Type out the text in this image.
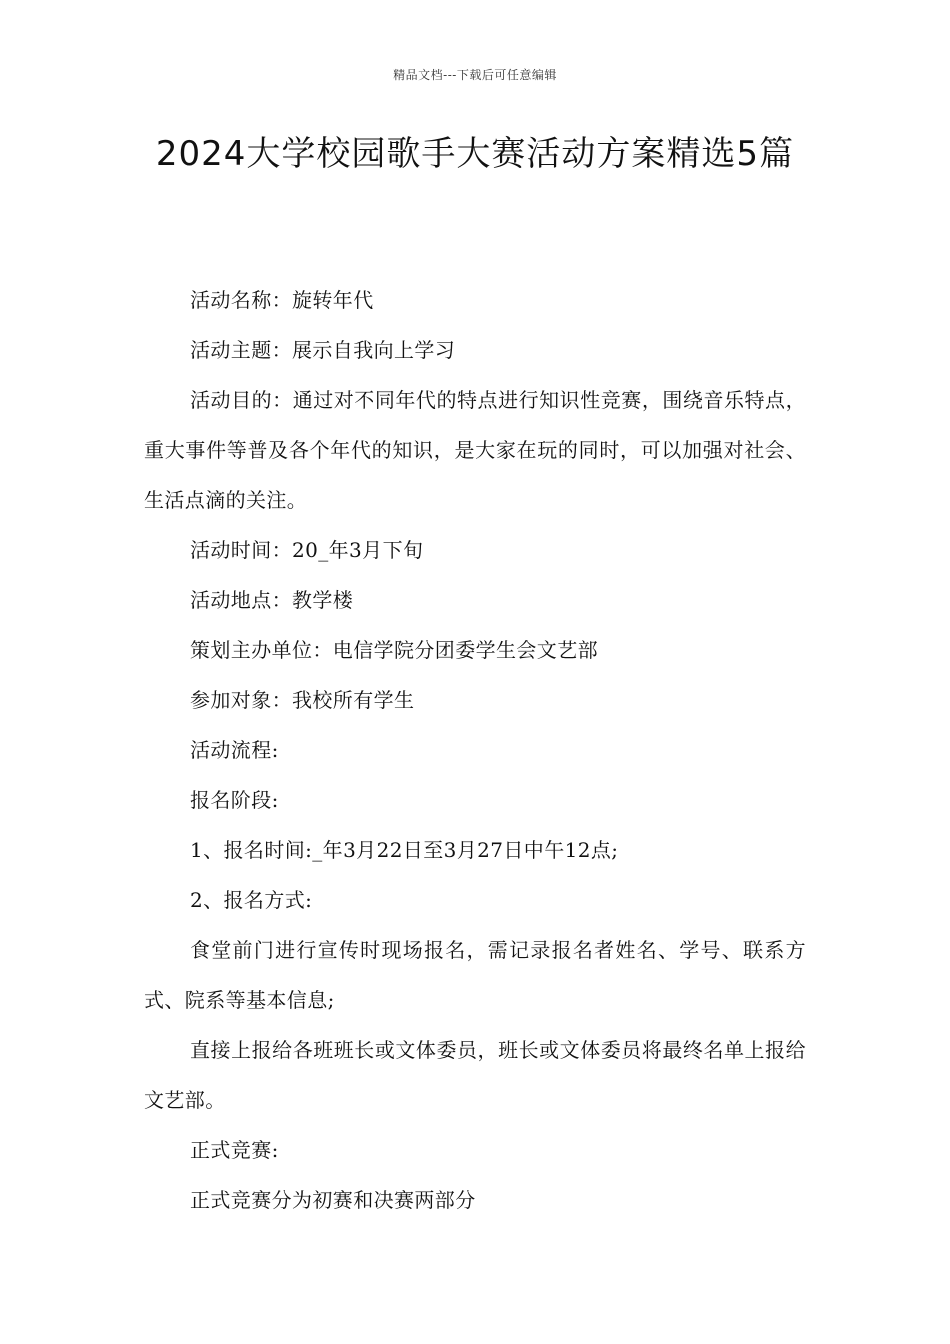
精品文档---下载后可任意编辑
2024大学校园歌手大赛活动方案精选5篇

活动名称：旋转年代

活动主题：展示自我向上学习

活动目的：通过对不同年代的特点进行知识性竞赛，围绕音乐特点，重大事件等普及各个年代的知识，是大家在玩的同时，可以加强对社会、生活点滴的关注。

活动时间：20_年3月下旬

活动地点：教学楼

策划主办单位：电信学院分团委学生会文艺部

参加对象：我校所有学生

活动流程:

报名阶段:

1、报名时间:_年3月22日至3月27日中午12点;

2、报名方式:

食堂前门进行宣传时现场报名，需记录报名者姓名、学号、联系方式、院系等基本信息;

直接上报给各班班长或文体委员，班长或文体委员将最终名单上报给文艺部。

正式竞赛:

正式竞赛分为初赛和决赛两部分
